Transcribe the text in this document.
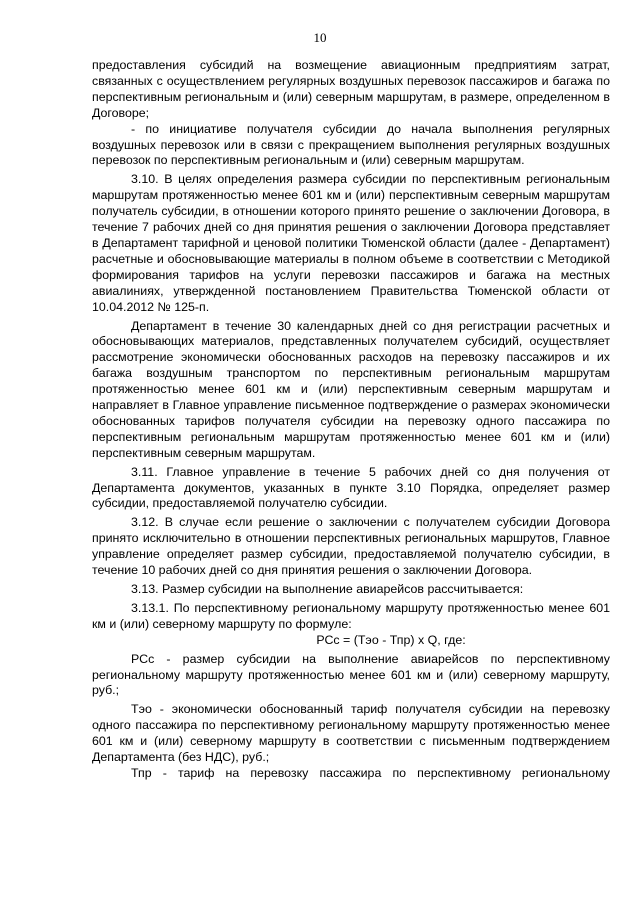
10

предоставления субсидий на возмещение авиационным предприятиям затрат, связанных с осуществлением регулярных воздушных перевозок пассажиров и багажа по перспективным региональным и (или) северным маршрутам, в размере, определенном в Договоре;

- по инициативе получателя субсидии до начала выполнения регулярных воздушных перевозок или в связи с прекращением выполнения регулярных воздушных перевозок по перспективным региональным и (или) северным маршрутам.

3.10. В целях определения размера субсидии по перспективным региональным маршрутам протяженностью менее 601 км и (или) перспективным северным маршрутам получатель субсидии, в отношении которого принято решение о заключении Договора, в течение 7 рабочих дней со дня принятия решения о заключении Договора представляет в Департамент тарифной и ценовой политики Тюменской области (далее - Департамент) расчетные и обосновывающие материалы в полном объеме в соответствии с Методикой формирования тарифов на услуги перевозки пассажиров и багажа на местных авиалиниях, утвержденной постановлением Правительства Тюменской области от 10.04.2012 № 125-п.

Департамент в течение 30 календарных дней со дня регистрации расчетных и обосновывающих материалов, представленных получателем субсидий, осуществляет рассмотрение экономически обоснованных расходов на перевозку пассажиров и их багажа воздушным транспортом по перспективным региональным маршрутам протяженностью менее 601 км и (или) перспективным северным маршрутам и направляет в Главное управление письменное подтверждение о размерах экономически обоснованных тарифов получателя субсидии на перевозку одного пассажира по перспективным региональным маршрутам протяженностью менее 601 км и (или) перспективным северным маршрутам.

3.11. Главное управление в течение 5 рабочих дней со дня получения от Департамента документов, указанных в пункте 3.10 Порядка, определяет размер субсидии, предоставляемой получателю субсидии.

3.12. В случае если решение о заключении с получателем субсидии Договора принято исключительно в отношении перспективных региональных маршрутов, Главное управление определяет размер субсидии, предоставляемой получателю субсидии, в течение 10 рабочих дней со дня принятия решения о заключении Договора.

3.13. Размер субсидии на выполнение авиарейсов рассчитывается:

3.13.1. По перспективному региональному маршруту протяженностью менее 601 км и (или) северному маршруту по формуле:

РСс = (Тэо - Тпр) x Q, где:

РСс - размер субсидии на выполнение авиарейсов по перспективному региональному маршруту протяженностью менее 601 км и (или) северному маршруту, руб.;

Тэо - экономически обоснованный тариф получателя субсидии на перевозку одного пассажира по перспективному региональному маршруту протяженностью менее 601 км и (или) северному маршруту в соответствии с письменным подтверждением Департамента (без НДС), руб.;

Тпр - тариф на перевозку пассажира по перспективному региональному
